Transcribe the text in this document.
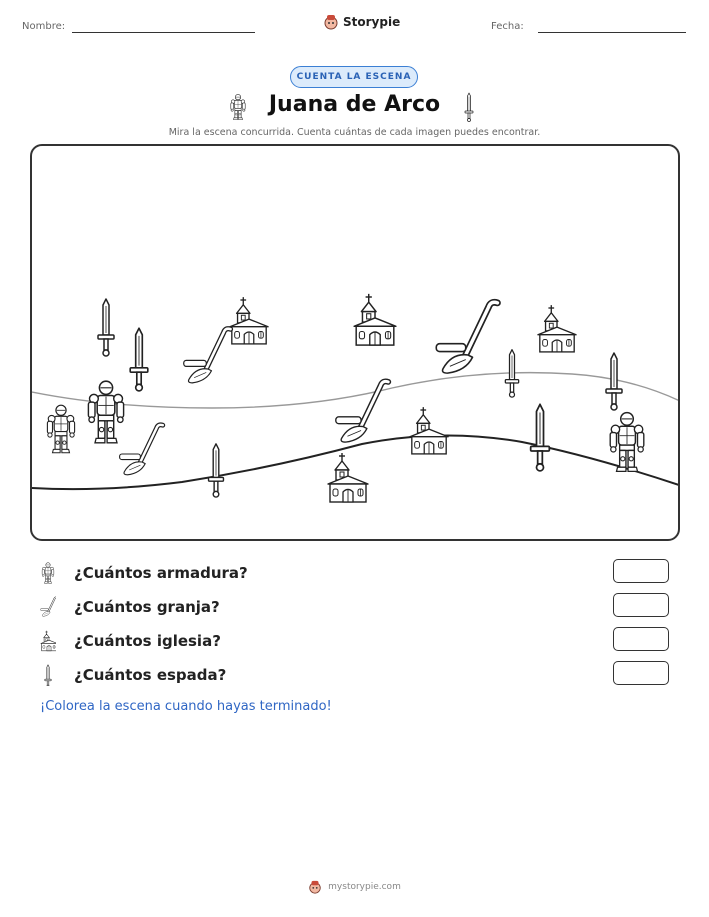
Nombre:	Storypie	Fecha:
CUENTA LA ESCENA
Juana de Arco
Mira la escena concurrida. Cuenta cuántas de cada imagen puedes encontrar.
¿Cuántos armadura?
¿Cuántos granja?
¿Cuántos iglesia?
¿Cuántos espada?
¡Colorea la escena cuando hayas terminado!
mystorypie.com
